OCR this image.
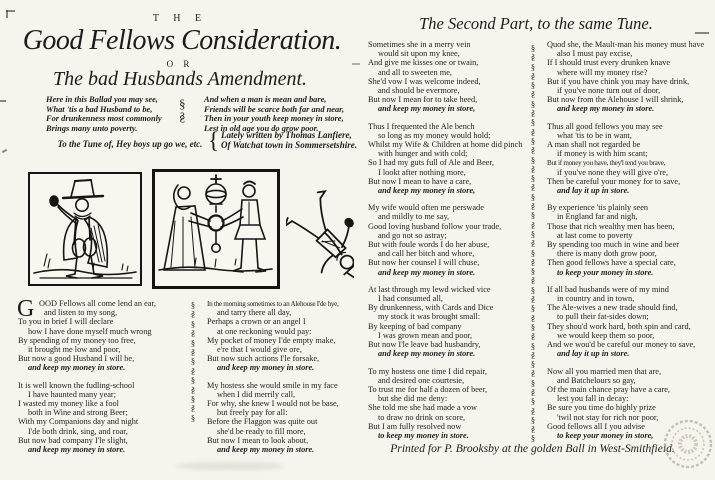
T H E
Good Fellows Consideration.
O R
The bad Husbands Amendment.
Here in this Ballad you may see,
What 'tis a bad Husband to be,
For drunkenness most commonly
Brings many unto poverty.
§
§
And when a man is mean and bare,
Friends will be scarce both far and near,
Then in your youth keep money in store,
Lest in old age you do grow poor.
To the Tune of, Hey boys up go we, etc. { Lately written by Thomas Lanfiere,
Of Watchat town in Sommersetshire.
G OOD Fellows all come lend an ear,
and listen to my song,
To you in brief I will declare
how I have done myself much wrong
By spending of my money too free,
it brought me low and poor,
But now a good Husband I will be,
and keep my money in store.
It is well known the fudling-school
I have haunted many year;
I wasted my money like a fool
both in Wine and strong Beer;
With my Companions day and night
I'de both drink, sing, and roar,
But now bad company I'le slight,
and keep my money in store.
§
§
§
§
§
§
§
§
§
§
§
§
§
In the morning sometimes to an Alehouse I'de hye,
and tarry there all day,
Perhaps a crown or an angel I
at one reckoning would pay:
My pocket of money I'de empty make,
e're that I would give ore,
But now such actions I'le forsake,
and keep my money in store.
My hostess she would smile in my face
when I did merrily call,
For why, she knew I would not be base,
but freely pay for all:
Before the Flaggon was quite out
she'd be ready to fill more,
But now I mean to look about,
and keep my money in store.
The Second Part, to the same Tune.
Sometimes she in a merry vein
would sit upon my knee,
And give me kisses one or twain,
and all to sweeten me,
She'd vow I was welcome indeed,
and should be evermore,
But now I mean for to take heed,
and keep my money in store,
Thus I frequented the Ale bench
so long as my money would hold;
Whilst my Wife & Children at home did pinch
with hunger and with cold;
So I had my guts full of Ale and Beer,
I lookt after nothing more,
But now I mean to have a care,
and keep my money in store,
My wife would often me perswade
and mildly to me say,
Good loving husband follow your trade,
and go not so astray;
But with foule words I do her abuse,
and call her bitch and whore,
But now her counsel I will chuse,
and keep my money in store.
At last through my lewd wicked vice
I had consumed all,
By drunkenness, with Cards and Dice
my stock it was brought small:
By keeping of bad company
I was grown mean and poor,
But now I'le leave bad husbandry,
and keep my money in store.
To my hostess one time I did repair,
and desired one courtesie,
To trust me for half a dozen of beer,
but she did me deny:
She told me she had made a vow
to draw no drink on score,
But I am fully resolved now
to keep my money in store.
§
§
§
§
§
§
§
§
§
§
§
§
§
§
§
§
§
§
§
§
§
§
§
§
§
§
§
§
§
§
§
§
§
§
§
§
§
§
§
§
§
§
§
Quod she, the Mault-man his money must have
also I must pay excise,
If I should trust every drunken knave
where will my money rise?
But if you have chink you may have drink,
if you've none turn out of door,
But now from the Alehouse I will shrink,
and keep my money in store.
Thus all good fellows you may see
what 'tis to be in want,
A man shall not regarded be
if money is with him scant;
But if money you have, they'l tend you brave,
if you've none they will give o're,
Then be careful your money for to save,
and lay it up in store.
By experience 'tis plainly seen
in England far and nigh,
Those that rich wealthy men has been,
at last come to poverty
By spending too much in wine and beer
there is many doth grow poor,
Then good fellows have a special care,
to keep your money in store.
If all bad husbands were of my mind
in country and in town,
The Ale-wives a new trade should find,
to pull their fat-sides down;
They shou'd work hard, both spin and card,
we would keep them so poor,
And we wou'd be careful our money to save,
and lay it up in store.
Now all you married men that are,
and Batchelours so gay,
Of the main chance pray have a care,
lest you fall in decay:
Be sure you time do highly prize
'twil not stay for rich nor poor,
Good fellows all I you advise
to keep your money in store,
Printed for P. Brooksby at the golden Ball in West-Smithfield.
